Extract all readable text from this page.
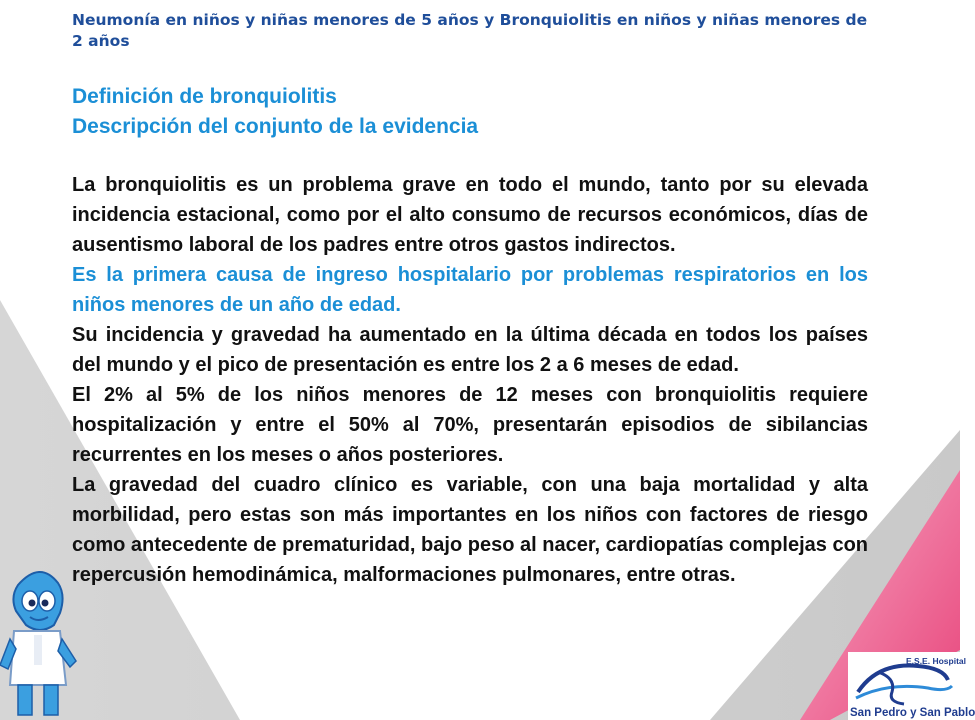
Neumonía en niños y niñas menores de 5 años y Bronquiolitis en niños y niñas menores de 2 años
Definición de bronquiolitis
Descripción del conjunto de la evidencia

La bronquiolitis es un problema grave en todo el mundo, tanto por su elevada incidencia estacional, como por el alto consumo de recursos económicos, días de ausentismo laboral de los padres entre otros gastos indirectos.

Es la primera causa de ingreso hospitalario por problemas respiratorios en los niños menores de un año de edad.

Su incidencia y gravedad ha aumentado en la última década en todos los países del mundo y el pico de presentación es entre los 2 a 6 meses de edad.

El 2% al 5% de los niños menores de 12 meses con bronquiolitis requiere hospitalización y entre el 50% al 70%, presentarán episodios de sibilancias recurrentes en los meses o años posteriores.

La gravedad del cuadro clínico es variable, con una baja mortalidad y alta morbilidad, pero estas son más importantes en los niños con factores de riesgo como antecedente de prematuridad, bajo peso al nacer, cardiopatías complejas con repercusión hemodinámica, malformaciones pulmonares, entre otras.

E.S.E. Hospital
San Pedro y San Pablo
